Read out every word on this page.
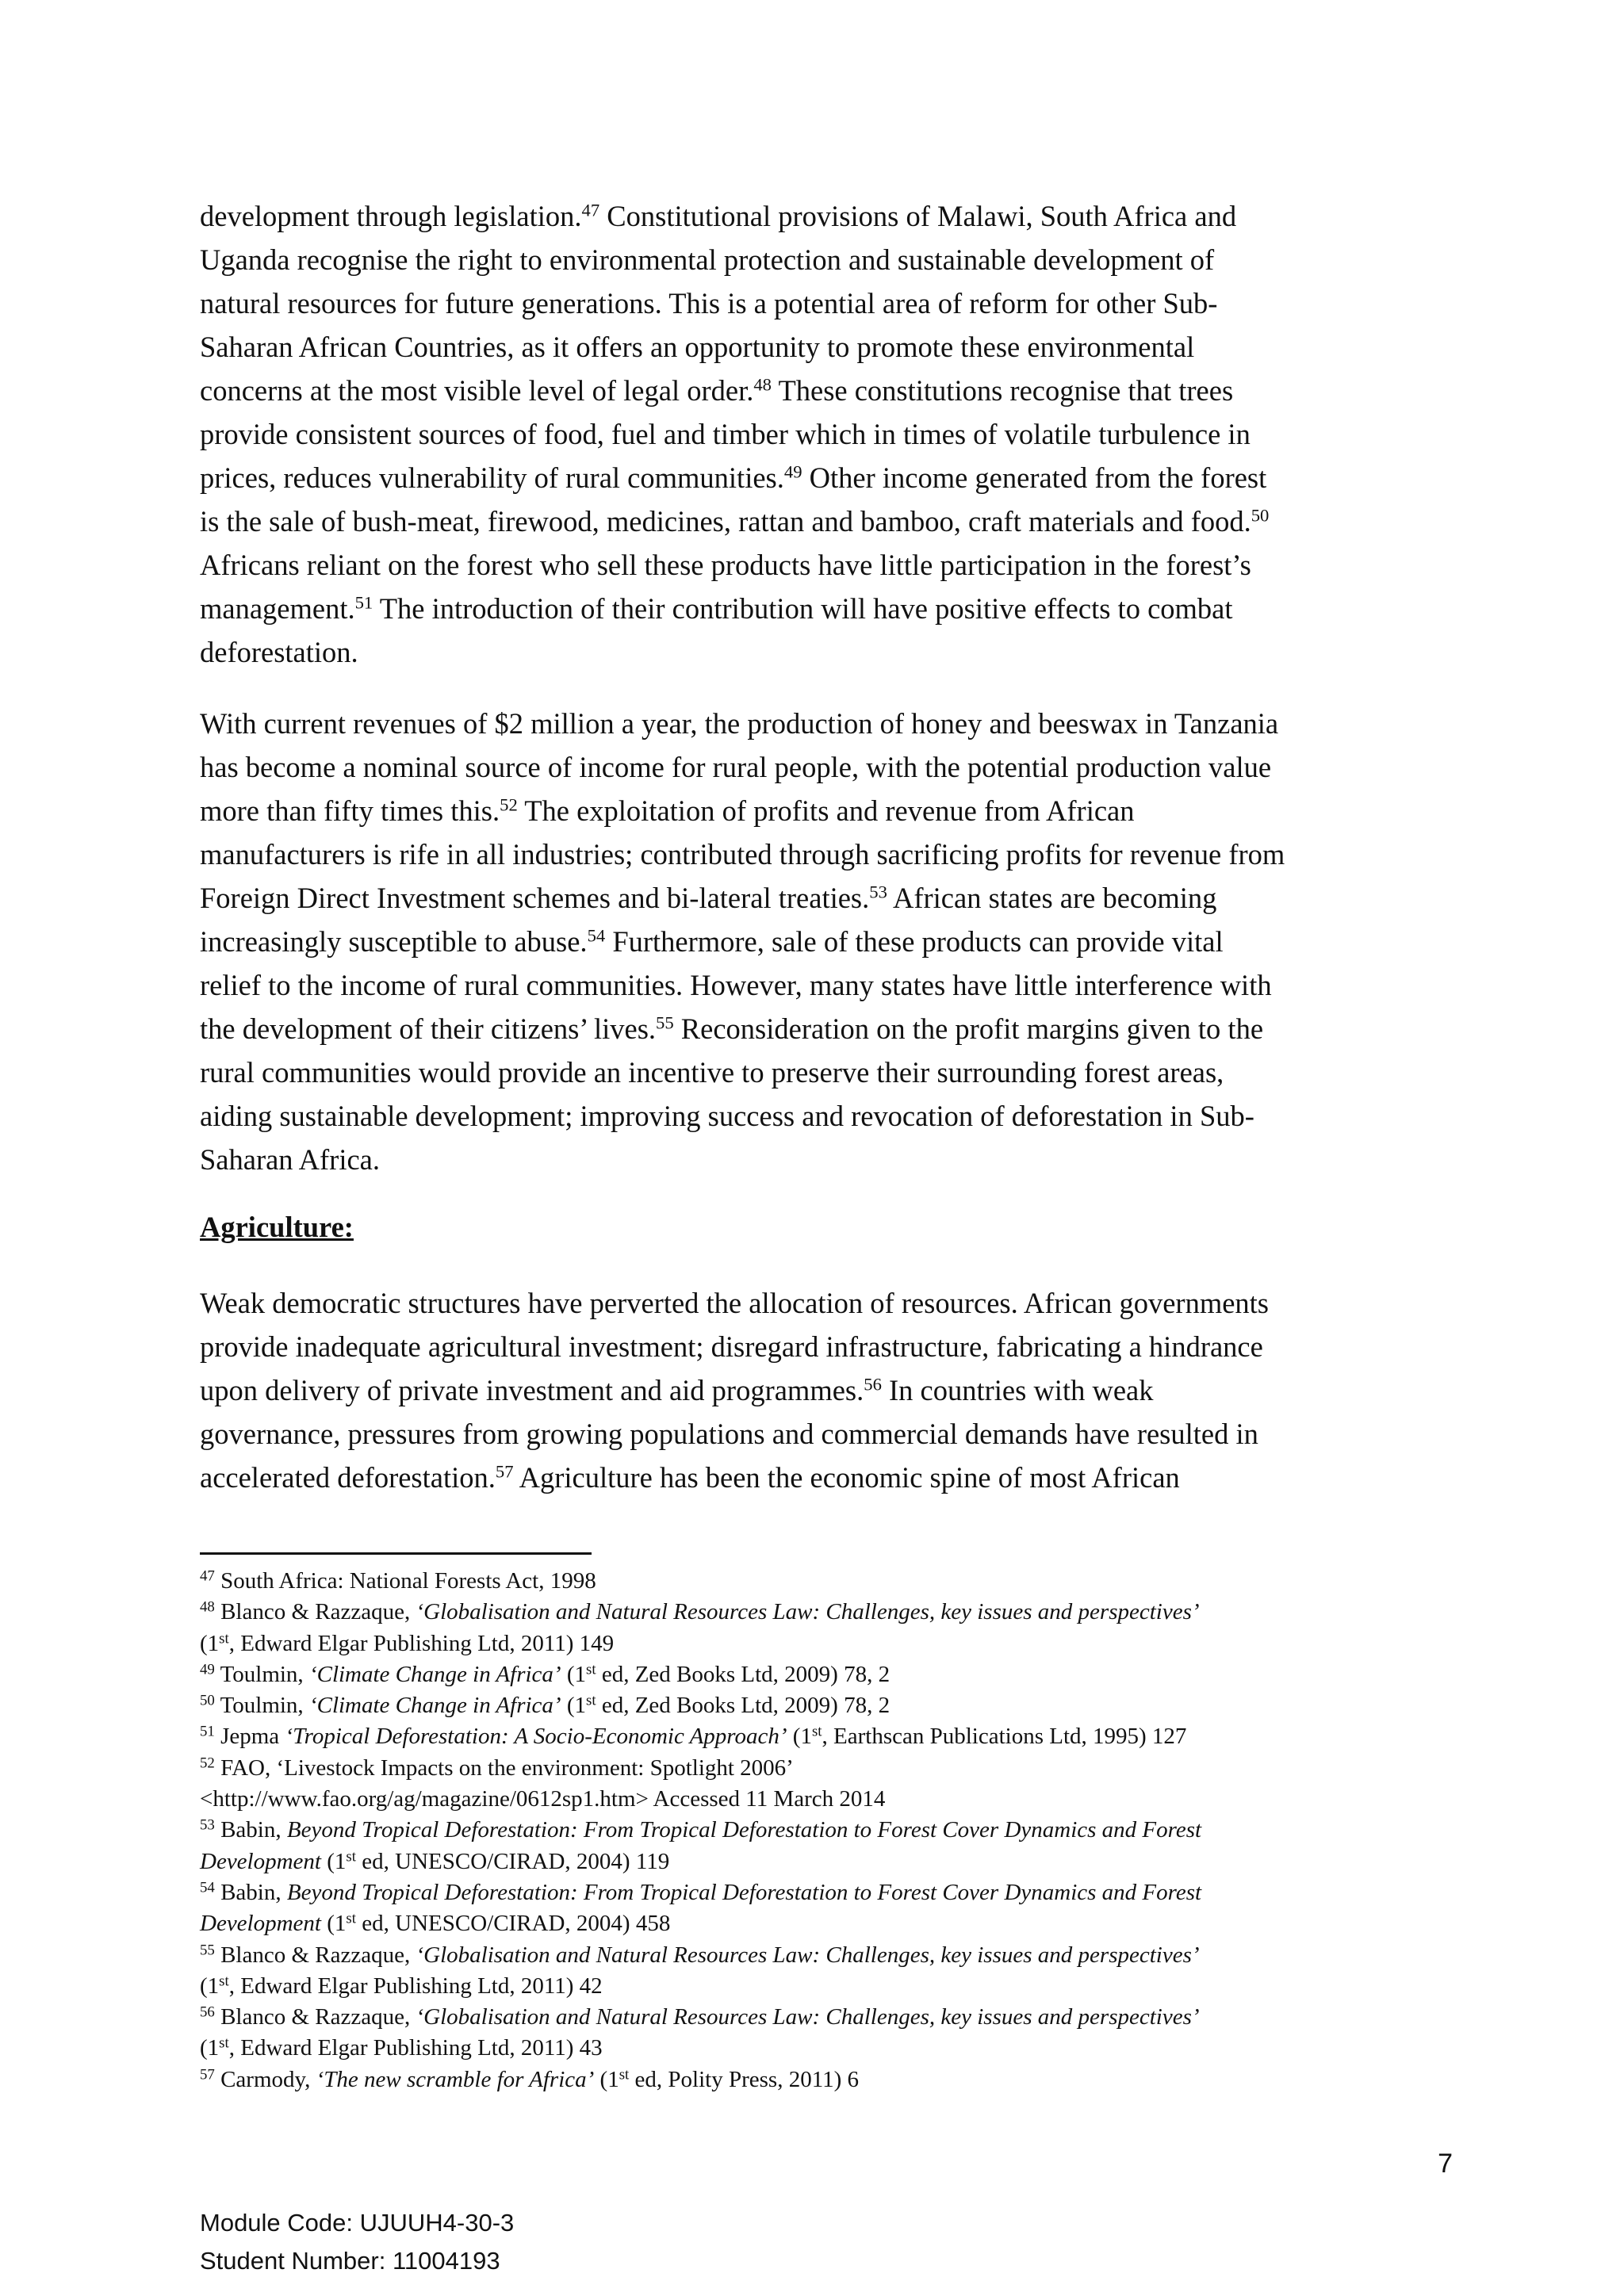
development through legislation.$^{47}$ Constitutional provisions of Malawi, South Africa and
Uganda recognise the right to environmental protection and sustainable development of
natural resources for future generations. This is a potential area of reform for other Sub-
Saharan African Countries, as it offers an opportunity to promote these environmental
concerns at the most visible level of legal order.$^{48}$ These constitutions recognise that trees
provide consistent sources of food, fuel and timber which in times of volatile turbulence in
prices, reduces vulnerability of rural communities.$^{49}$ Other income generated from the forest
is the sale of bush-meat, firewood, medicines, rattan and bamboo, craft materials and food.$^{50}$
Africans reliant on the forest who sell these products have little participation in the forest’s
management.$^{51}$ The introduction of their contribution will have positive effects to combat
deforestation.

With current revenues of $2 million a year, the production of honey and beeswax in Tanzania
has become a nominal source of income for rural people, with the potential production value
more than fifty times this.$^{52}$ The exploitation of profits and revenue from African
manufacturers is rife in all industries; contributed through sacrificing profits for revenue from
Foreign Direct Investment schemes and bi-lateral treaties.$^{53}$ African states are becoming
increasingly susceptible to abuse.$^{54}$ Furthermore, sale of these products can provide vital
relief to the income of rural communities. However, many states have little interference with
the development of their citizens’ lives.$^{55}$ Reconsideration on the profit margins given to the
rural communities would provide an incentive to preserve their surrounding forest areas,
aiding sustainable development; improving success and revocation of deforestation in Sub-
Saharan Africa.

Agriculture:

Weak democratic structures have perverted the allocation of resources. African governments
provide inadequate agricultural investment; disregard infrastructure, fabricating a hindrance
upon delivery of private investment and aid programmes.$^{56}$ In countries with weak
governance, pressures from growing populations and commercial demands have resulted in
accelerated deforestation.$^{57}$ Agriculture has been the economic spine of most African

$^{47}$ South Africa: National Forests Act, 1998
$^{48}$ Blanco & Razzaque, ‘Globalisation and Natural Resources Law: Challenges, key issues and perspectives’
(1st, Edward Elgar Publishing Ltd, 2011) 149
$^{49}$ Toulmin, ‘Climate Change in Africa’ (1st ed, Zed Books Ltd, 2009) 78, 2
$^{50}$ Toulmin, ‘Climate Change in Africa’ (1st ed, Zed Books Ltd, 2009) 78, 2
$^{51}$ Jepma ‘Tropical Deforestation: A Socio-Economic Approach’ (1st, Earthscan Publications Ltd, 1995) 127
$^{52}$ FAO, ‘Livestock Impacts on the environment: Spotlight 2006’
<http://www.fao.org/ag/magazine/0612sp1.htm> Accessed 11 March 2014
$^{53}$ Babin, Beyond Tropical Deforestation: From Tropical Deforestation to Forest Cover Dynamics and Forest
Development (1st ed, UNESCO/CIRAD, 2004) 119
$^{54}$ Babin, Beyond Tropical Deforestation: From Tropical Deforestation to Forest Cover Dynamics and Forest
Development (1st ed, UNESCO/CIRAD, 2004) 458
$^{55}$ Blanco & Razzaque, ‘Globalisation and Natural Resources Law: Challenges, key issues and perspectives’
(1st, Edward Elgar Publishing Ltd, 2011) 42
$^{56}$ Blanco & Razzaque, ‘Globalisation and Natural Resources Law: Challenges, key issues and perspectives’
(1st, Edward Elgar Publishing Ltd, 2011) 43
$^{57}$ Carmody, ‘The new scramble for Africa’ (1st ed, Polity Press, 2011) 6
7
Module Code: UJUUH4-30-3
Student Number: 11004193
